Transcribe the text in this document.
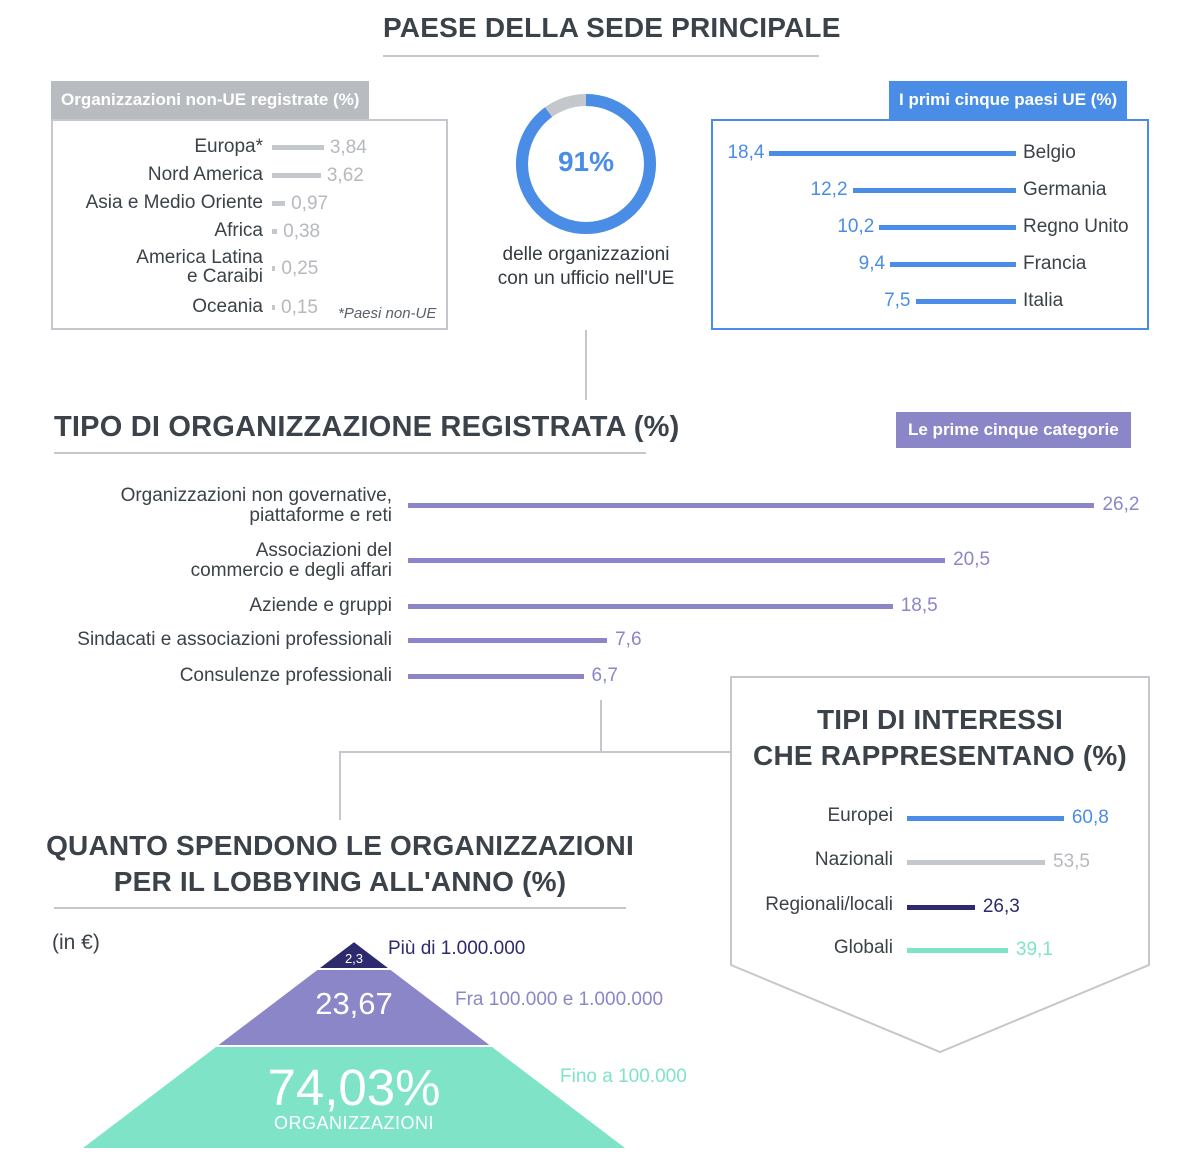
PAESE DELLA SEDE PRINCIPALE
Organizzazioni non-UE registrate (%)
Europa*	3,84
Nord America	3,62
Asia e Medio Oriente 0,97
Africa 0,38
America Latina
e Caraibi 0,25
Oceania 0,15 *Paesi non-UE
91%
delle organizzazioni
con un ufficio nell'UE
I primi cinque paesi UE (%)
18,4	Belgio
12,2	Germania
10,2	Regno Unito
9,4	Francia
7,5	Italia
TIPO DI ORGANIZZAZIONE REGISTRATA (%)	Le prime cinque categorie
Organizzazioni non governative,
piattaforme e reti
26,2
Associazioni del
commercio e degli affari
20,5
Aziende e gruppi	18,5
Sindacati e associazioni professionali	7,6
Consulenze professionali	6,7
TIPI DI INTERESSI
CHE RAPPRESENTANO (%)
Europei	60,8
Nazionali	53,5
Regionali/locali	26,3
Globali	39,1
QUANTO SPENDONO LE ORGANIZZAZIONI
PER IL LOBBYING ALL'ANNO (%)
(in €)
2,3	Più di 1.000.000
23,67	Fra 100.000 e 1.000.000
74,03%
ORGANIZZAZIONI
Fino a 100.000
